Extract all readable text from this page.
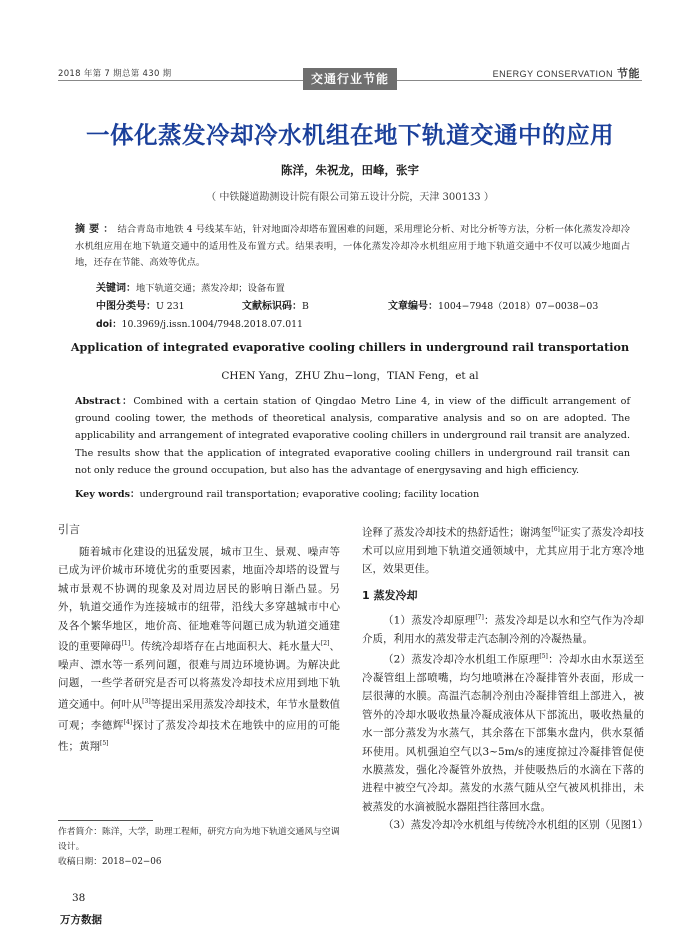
2018 年第 7 期总第 430 期	ENERGY CONSERVATION 节能
交通行业节能
一体化蒸发冷却冷水机组在地下轨道交通中的应用
陈洋，朱祝龙，田峰，张宇
（ 中铁隧道勘测设计院有限公司第五设计分院，天津 300133 ）
摘要：结合青岛市地铁 4 号线某车站，针对地面冷却塔布置困难的问题，采用理论分析、对比分析等方法，分析一体化蒸发冷却冷水机组应用在地下轨道交通中的适用性及布置方式。结果表明，一体化蒸发冷却冷水机组应用于地下轨道交通中不仅可以减少地面占地，还存在节能、高效等优点。
关键词：地下轨道交通；蒸发冷却；设备布置
中图分类号：U 231	文献标识码：B	文章编号：1004−7948（2018）07−0038−03
doi：10.3969/j.issn.1004/7948.2018.07.011
Application of integrated evaporative cooling chillers in underground rail transportation
CHEN Yang，ZHU Zhu−long，TIAN Feng，et al
Abstract：Combined with a certain station of Qingdao Metro Line 4, in view of the difficult arrangement of ground cooling tower, the methods of theoretical analysis, comparative analysis and so on are adopted. The applicability and arrangement of integrated evaporative cooling chillers in underground rail transit are analyzed. The results show that the application of integrated evaporative cooling chillers in underground rail transit can not only reduce the ground occupation, but also has the advantage of energysaving and high efficiency.
Key words：underground rail transportation; evaporative cooling; facility location
引言

随着城市化建设的迅猛发展，城市卫生、景观、噪声等已成为评价城市环境优劣的重要因素，地面冷却塔的设置与城市景观不协调的现象及对周边居民的影响日渐凸显。另外，轨道交通作为连接城市的纽带，沿线大多穿越城市中心及各个繁华地区，地价高、征地难等问题已成为轨道交通建设的重要障碍[1]。传统冷却塔存在占地面积大、耗水量大[2]、噪声、漂水等一系列问题，很难与周边环境协调。为解决此问题，一些学者研究是否可以将蒸发冷却技术应用到地下轨道交通中。何叶从[3]等提出采用蒸发冷却技术，年节水量数值可观；李德辉[4]探讨了蒸发冷却技术在地铁中的应用的可能性；黄翔[5]

诠释了蒸发冷却技术的热舒适性；谢鸿玺[6]证实了蒸发冷却技术可以应用到地下轨道交通领域中，尤其应用于北方寒冷地区，效果更佳。

1 蒸发冷却

（1）蒸发冷却原理[7]：蒸发冷却是以水和空气作为冷却介质，利用水的蒸发带走汽态制冷剂的冷凝热量。

（2）蒸发冷却冷水机组工作原理[5]：冷却水由水泵送至冷凝管组上部喷嘴，均匀地喷淋在冷凝排管外表面，形成一层很薄的水膜。高温汽态制冷剂由冷凝排管组上部进入，被管外的冷却水吸收热量冷凝成液体从下部流出，吸收热量的水一部分蒸发为水蒸气，其余落在下部集水盘内，供水泵循环使用。风机强迫空气以3~5m/s的速度掠过冷凝排管促使水膜蒸发，强化冷凝管外放热，并使吸热后的水滴在下落的进程中被空气冷却。蒸发的水蒸气随从空气被风机排出，未被蒸发的水滴被脱水器阻挡往落回水盘。

（3）蒸发冷却冷水机组与传统冷水机组的区别（见图1）

作者简介：陈洋，大学，助理工程师，研究方向为地下轨道交通风与空调设计。
收稿日期：2018−02−06
38
万方数据
